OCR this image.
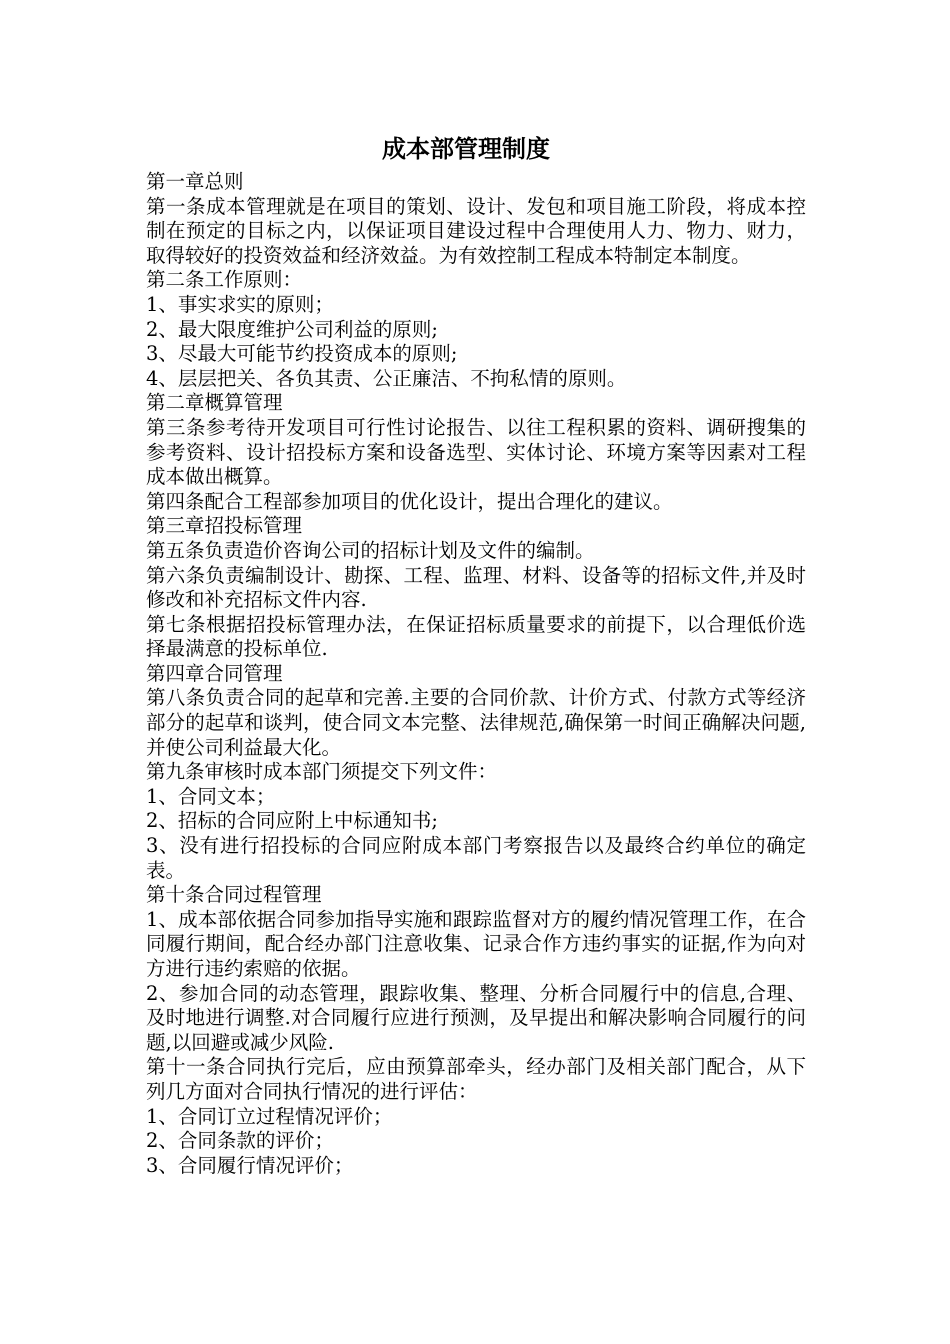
成本部管理制度

第一章总则

第一条成本管理就是在项目的策划、设计、发包和项目施工阶段，将成本控制在预定的目标之内，以保证项目建设过程中合理使用人力、物力、财力，取得较好的投资效益和经济效益。为有效控制工程成本特制定本制度。

第二条工作原则：

1、事实求实的原则；

2、最大限度维护公司利益的原则;

3、尽最大可能节约投资成本的原则;

4、层层把关、各负其责、公正廉洁、不拘私情的原则。

第二章概算管理

第三条参考待开发项目可行性讨论报告、以往工程积累的资料、调研搜集的参考资料、设计招投标方案和设备选型、实体讨论、环境方案等因素对工程成本做出概算。

第四条配合工程部参加项目的优化设计，提出合理化的建议。

第三章招投标管理

第五条负责造价咨询公司的招标计划及文件的编制。

第六条负责编制设计、勘探、工程、监理、材料、设备等的招标文件,并及时修改和补充招标文件内容.

第七条根据招投标管理办法，在保证招标质量要求的前提下，以合理低价选择最满意的投标单位.

第四章合同管理

第八条负责合同的起草和完善.主要的合同价款、计价方式、付款方式等经济部分的起草和谈判，使合同文本完整、法律规范,确保第一时间正确解决问题,并使公司利益最大化。

第九条审核时成本部门须提交下列文件：

1、合同文本；

2、招标的合同应附上中标通知书;

3、没有进行招投标的合同应附成本部门考察报告以及最终合约单位的确定表。

第十条合同过程管理

1、成本部依据合同参加指导实施和跟踪监督对方的履约情况管理工作，在合同履行期间，配合经办部门注意收集、记录合作方违约事实的证据,作为向对方进行违约索赔的依据。

2、参加合同的动态管理，跟踪收集、整理、分析合同履行中的信息,合理、及时地进行调整.对合同履行应进行预测，及早提出和解决影响合同履行的问题,以回避或减少风险.

第十一条合同执行完后，应由预算部牵头，经办部门及相关部门配合，从下列几方面对合同执行情况的进行评估：

1、合同订立过程情况评价；

2、合同条款的评价；

3、合同履行情况评价；
